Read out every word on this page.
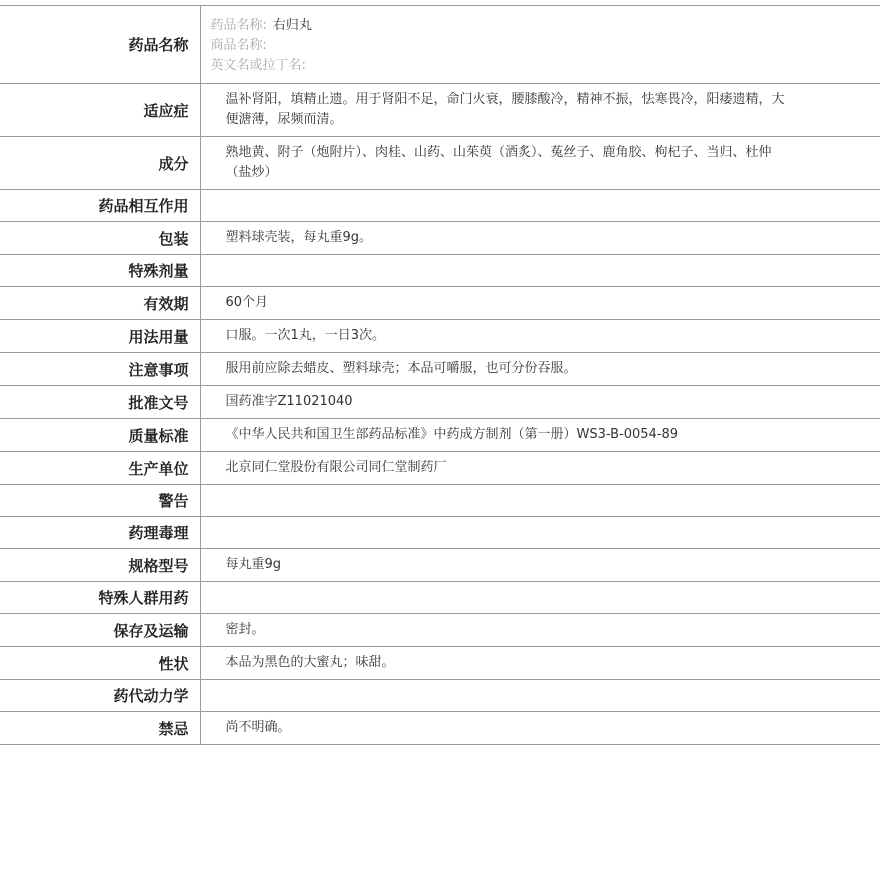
药品名称	药品名称: 右归丸
商品名称:
英文名或拉丁名:

适应症	温补肾阳，填精止遗。用于肾阳不足，命门火衰，腰膝酸冷，精神不振，怯寒畏冷，阳痿遗精，大便溏薄，尿频而清。
成分	熟地黄、附子（炮附片）、肉桂、山药、山茱萸（酒炙）、菟丝子、鹿角胶、枸杞子、当归、杜仲（盐炒）
药品相互作用	
包装	塑料球壳装，每丸重9g。
特殊剂量	
有效期	60个月
用法用量	口服。一次1丸，一日3次。
注意事项	服用前应除去蜡皮、塑料球壳；本品可嚼服，也可分份吞服。
批准文号	国药准字Z11021040
质量标准	《中华人民共和国卫生部药品标准》中药成方制剂（第一册）WS3-B-0054-89
生产单位	北京同仁堂股份有限公司同仁堂制药厂
警告	
药理毒理	
规格型号	每丸重9g
特殊人群用药	
保存及运输	密封。
性状	本品为黑色的大蜜丸；味甜。
药代动力学	
禁忌	尚不明确。
